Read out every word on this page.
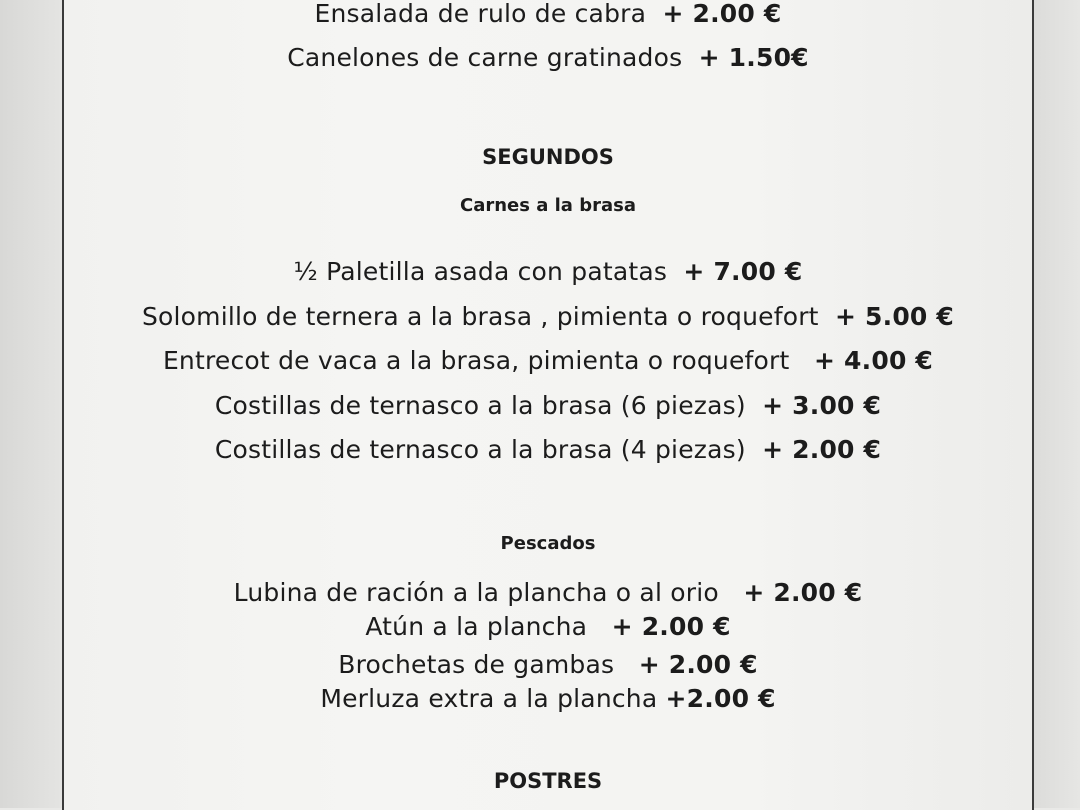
Ensalada de rulo de cabra + 2.00 €
Canelones de carne gratinados + 1.50€
SEGUNDOS
Carnes a la brasa
½ Paletilla asada con patatas + 7.00 €
Solomillo de ternera a la brasa , pimienta o roquefort + 5.00 €
Entrecot de vaca a la brasa, pimienta o roquefort + 4.00 €
Costillas de ternasco a la brasa (6 piezas) + 3.00 €
Costillas de ternasco a la brasa (4 piezas) + 2.00 €
Pescados
Lubina de ración a la plancha o al orio + 2.00 €
Atún a la plancha + 2.00 €
Brochetas de gambas + 2.00 €
Merluza extra a la plancha +2.00 €
POSTRES
